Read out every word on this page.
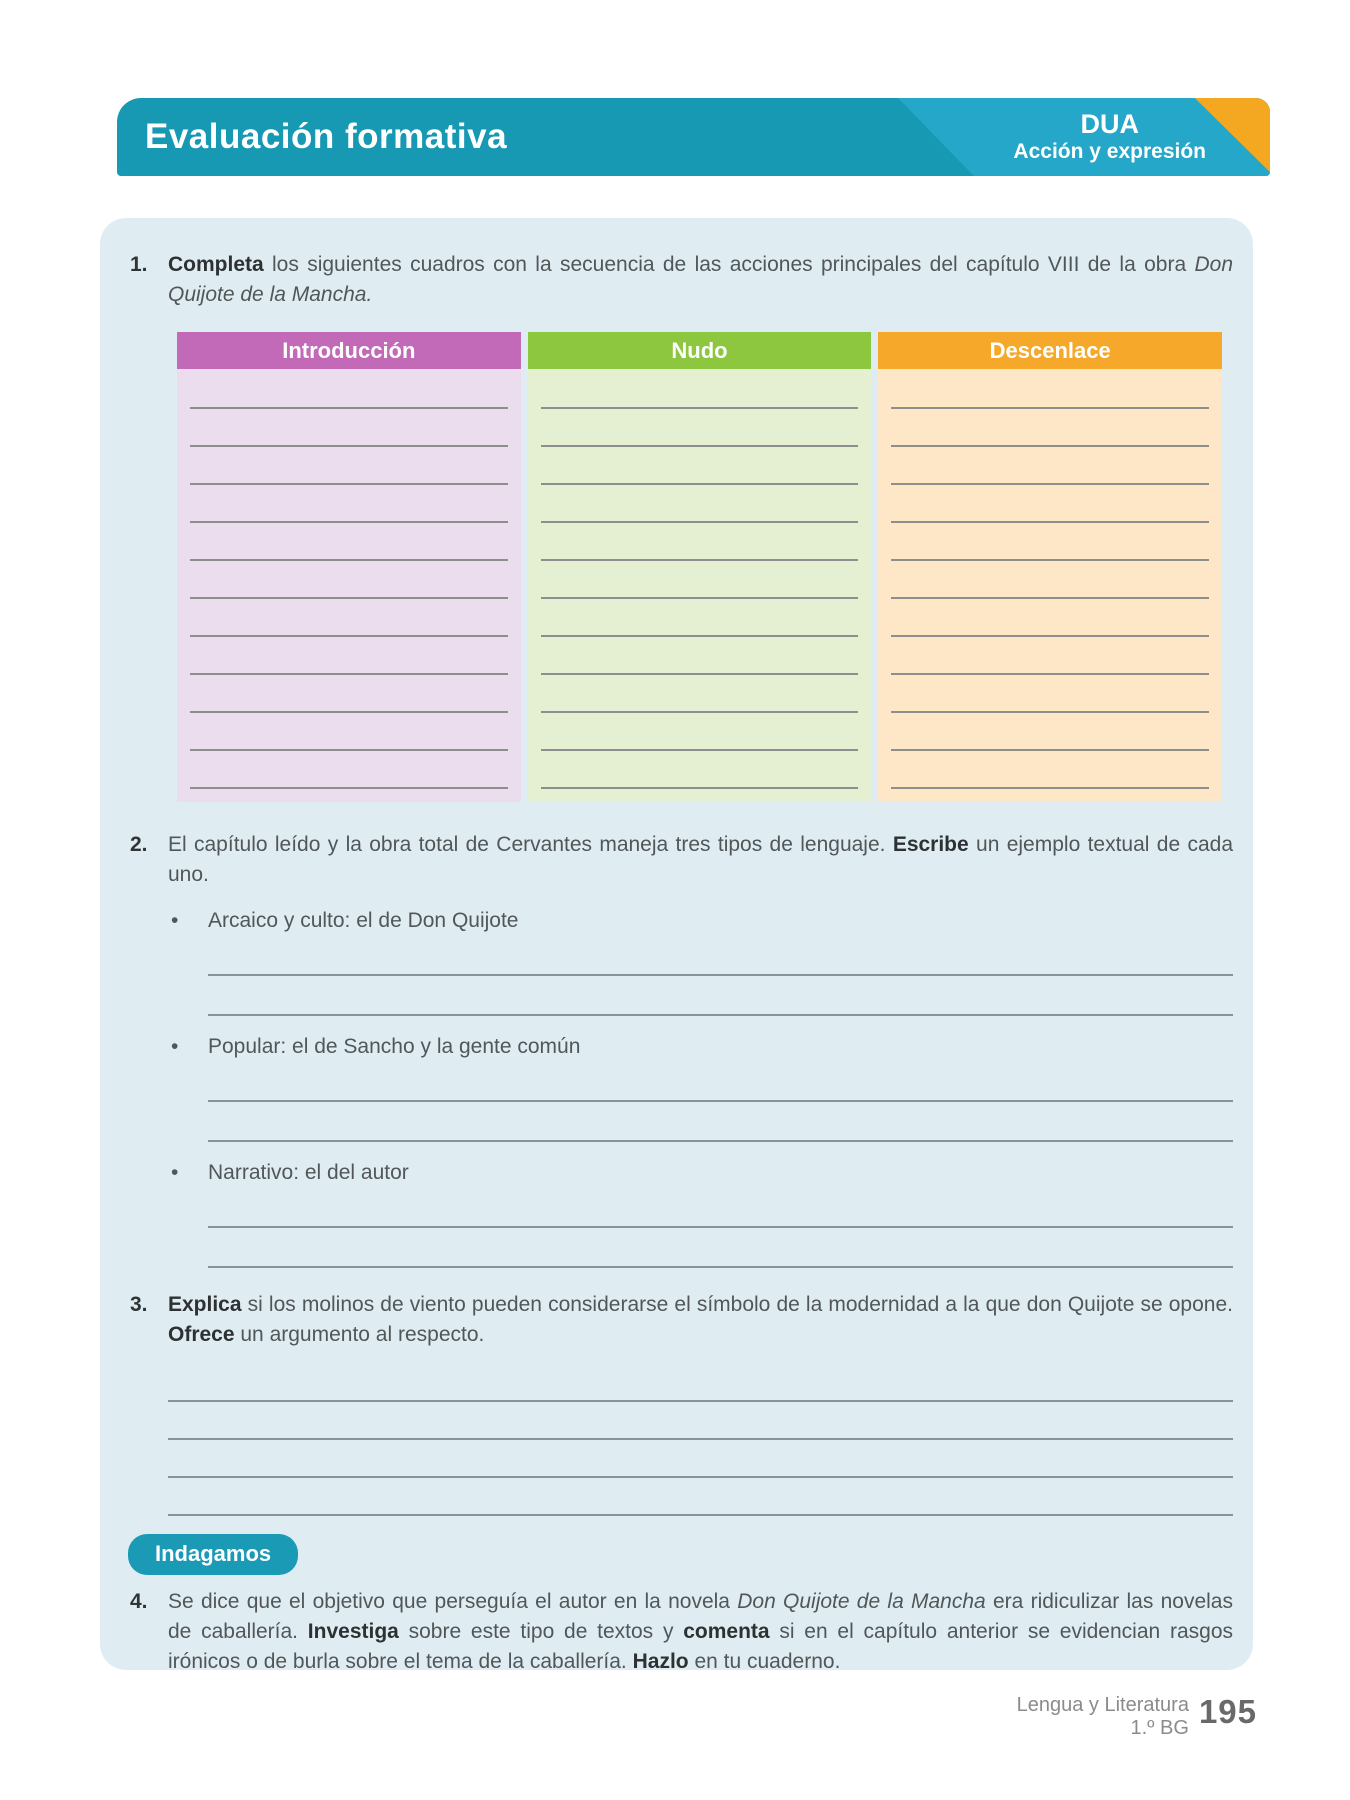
Evaluación formativa	DUA
Acción y expresión
1. Completa los siguientes cuadros con la secuencia de las acciones principales del capítulo VIII de la obra Don Quijote de la Mancha.
Introducción	Nudo	Descenlace
2. El capítulo leído y la obra total de Cervantes maneja tres tipos de lenguaje. Escribe un ejemplo textual de cada uno.
•	Arcaico y culto: el de Don Quijote
•	Popular: el de Sancho y la gente común
•	Narrativo: el del autor
3. Explica si los molinos de viento pueden considerarse el símbolo de la modernidad a la que don Quijote se opone. Ofrece un argumento al respecto.
Indagamos
4. Se dice que el objetivo que perseguía el autor en la novela Don Quijote de la Mancha era ridiculizar las novelas de caballería. Investiga sobre este tipo de textos y comenta si en el capítulo anterior se evidencian rasgos irónicos o de burla sobre el tema de la caballería. Hazlo en tu cuaderno.
Lengua y Literatura
1.º BG 195
